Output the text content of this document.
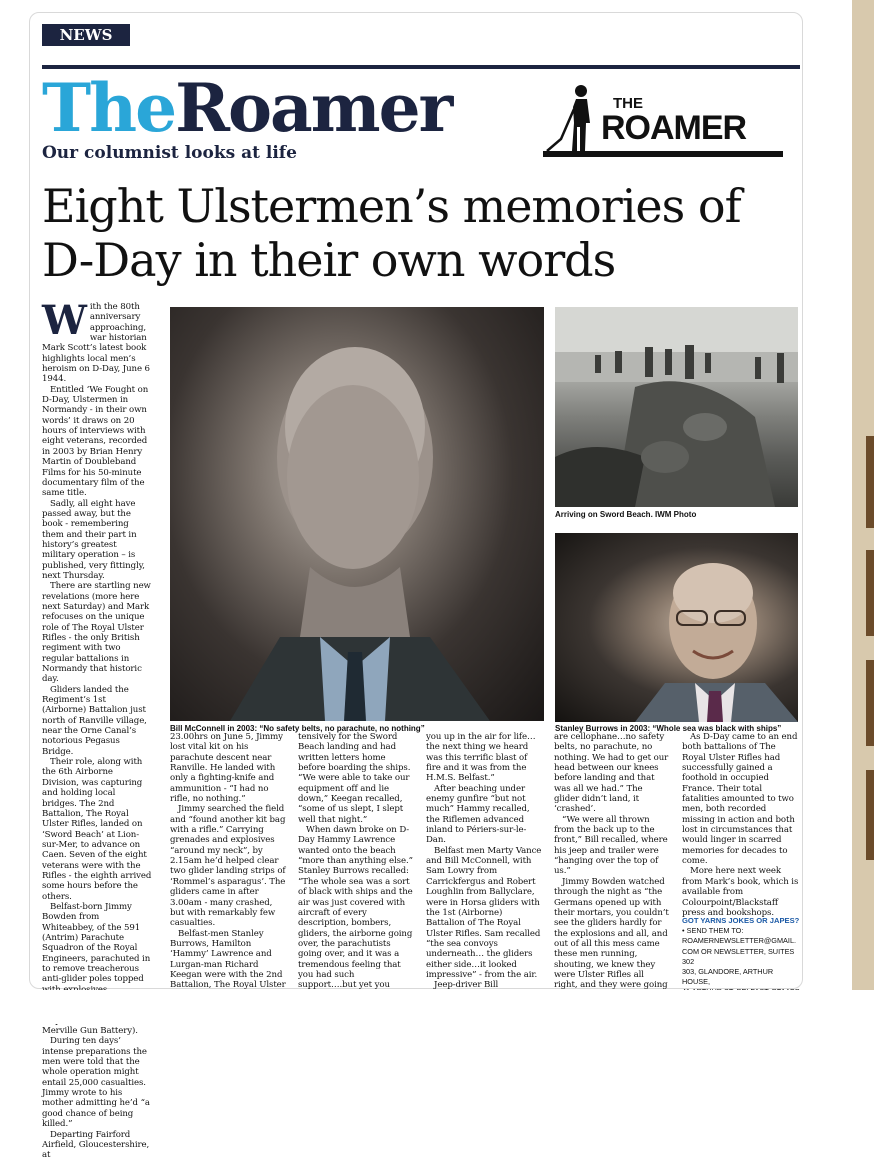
NEWS
TheRoamer
Our columnist looks at life
THE
ROAMER
Eight Ulstermen’s memories of D-Day in their own words
Bill McConnell in 2003: “No safety belts, no parachute, no nothing”
Arriving on Sword Beach. IWM Photo
Stanley Burrows in 2003: “Whole sea was black with ships”

With the 80th anniversary approaching, war historian Mark Scott’s latest book highlights local men’s heroism on D-Day, June 6 1944.

Entitled ‘We Fought on D-Day, Ulstermen in Normandy - in their own words’ it draws on 20 hours of interviews with eight veterans, recorded in 2003 by Brian Henry Martin of Doubleband Films for his 50-minute documentary film of the same title.

Sadly, all eight have passed away, but the book - remembering them and their part in history’s greatest military operation – is published, very fittingly, next Thursday.

There are startling new revelations (more here next Saturday) and Mark refocuses on the unique role of The Royal Ulster Rifles - the only British regiment with two regular battalions in Normandy that historic day.

Gliders landed the Regiment’s 1st (Airborne) Battalion just north of Ranville village, near the Orne Canal’s notorious Pegasus Bridge.

Their role, along with the 6th Airborne Division, was capturing and holding local bridges. The 2nd Battalion, The Royal Ulster Rifles, landed on ‘Sword Beach’ at Lion-sur-Mer, to advance on Caen. Seven of the eight veterans were with the Rifles - the eighth arrived some hours before the others.

Belfast-born Jimmy Bowden from Whiteabbey, of the 591 (Antrim) Parachute Squadron of the Royal Engineers, parachuted in to remove treacherous anti-glider poles topped Merville Gun Battery).

During ten days’ intense preparations the men were told that the whole operation might entail 25,000 casualties. Jimmy wrote to his mother admitting he’d “a good chance of being killed.”

Departing Fairford Airfield, Gloucestershire, at

23.00hrs on June 5, Jimmy lost vital kit on his parachute descent near Ranville. He landed with only a fighting-knife and ammunition - “I had no rifle, no nothing.”

Jimmy searched the field and “found another kit bag with a rifle.” Carrying grenades and explosives “around my neck”, by 2.15am he’d helped clear two glider landing strips of ‘Rommel’s asparagus’. The gliders came in after 3.00am - many crashed, but with remarkably few casualties.

Belfast-men Stanley Burrows, Hamilton ‘Hammy’ Lawrence and Lurgan-man Richard Keegan were with the 2nd Battalion, The Royal Ulster

tensively for the Sword Beach landing and had written letters home before boarding the ships. “We were able to take our equipment off and lie down,” Keegan recalled, “some of us slept, I slept well that night.”

When dawn broke on D-Day Hammy Lawrence wanted onto the beach “more than anything else.” Stanley Burrows recalled: “The whole sea was a sort of black with ships and the air was just covered with aircraft of every description, bombers, gliders, the airborne going over, the parachutists going over, and it was a tremendous feeling that you had such support….but yet you

you up in the air for life…the next thing we heard was this terrific blast of fire and it was from the H.M.S. Belfast.”

After beaching under enemy gunfire “but not much” Hammy recalled, the Riflemen advanced inland to Périers-sur-le-Dan.

Belfast men Marty Vance and Bill McConnell, with Sam Lowry from Carrickfergus and Robert Loughlin from Ballyclare, were in Horsa gliders with the 1st (Airborne) Battalion of The Royal Ulster Rifles. Sam recalled “the sea convoys underneath… the gliders either side…it looked impressive” - from the air.

Jeep-driver Bill

are cellophane…no safety belts, no parachute, no nothing. We had to get our head between our knees before landing and that was all we had.” The glider didn’t land, it ‘crashed’.

“We were all thrown from the back up to the front,” Bill recalled, where his jeep and trailer were “hanging over the top of us.”

Jimmy Bowden watched through the night as “the Germans opened up with their mortars, you couldn’t see the gliders hardly for the explosions and all, and out of all this mess came these men running, shouting, we knew they were Ulster Rifles all right, and they were going

As D-Day came to an end both battalions of The Royal Ulster Rifles had successfully gained a foothold in occupied France. Their total fatalities amounted to two men, both recorded missing in action and both lost in circumstances that would linger in scarred memories for decades to come.

More here next week from Mark’s book, which is available from Colourpoint/Blackstaff press and bookshops.

GOT YARNS JOKES OR JAPES?
• SEND THEM TO:
ROAMERNEWSLETTER@GMAIL.
COM OR NEWSLETTER, SUITES 302
303, GLANDORE, ARTHUR HOUSE,
